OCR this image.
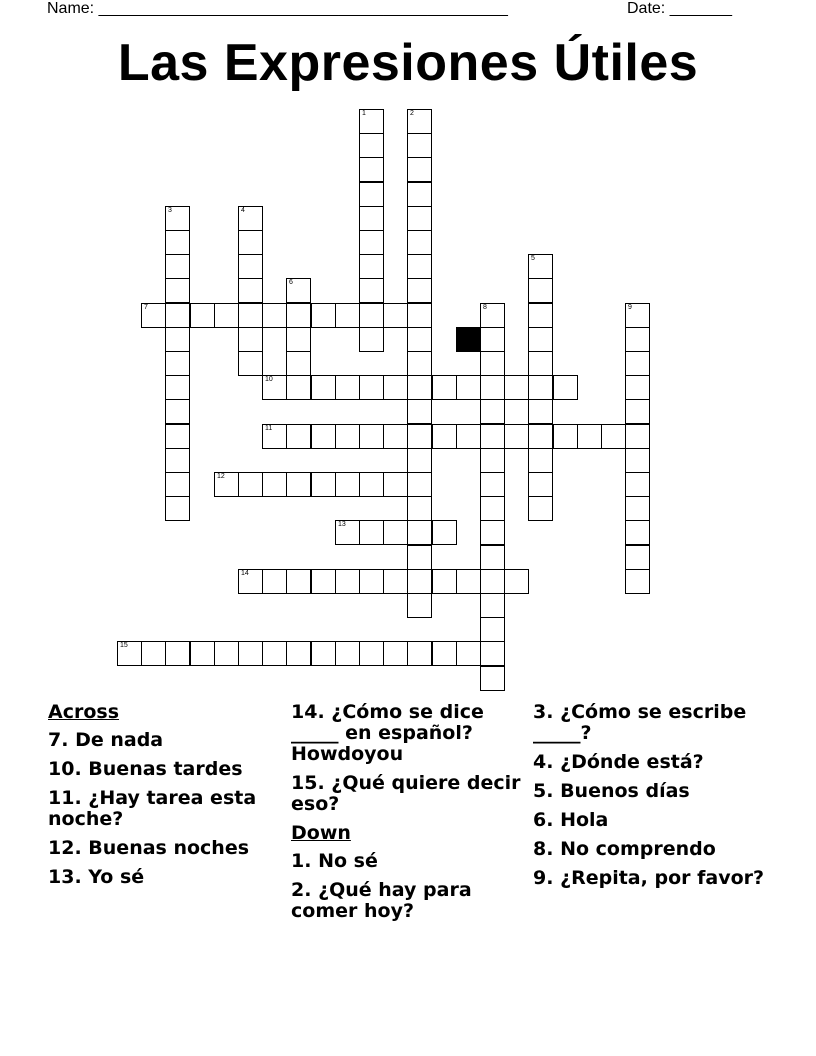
Name: ______________________________________________	Date: _______
Las Expresiones Útiles
1	2
3	4
5
6
7	8	9
10
11
12
13
14
15
Across
7. De nada
10. Buenas tardes
11. ¿Hay tarea esta noche?
12. Buenas noches
13. Yo sé
14. ¿Cómo se dice _____ en español? Howdoyou
15. ¿Qué quiere decir eso?
Down
1. No sé
2. ¿Qué hay para comer hoy?
3. ¿Cómo se escribe _____?
4. ¿Dónde está?
5. Buenos días
6. Hola
8. No comprendo
9. ¿Repita, por favor?
